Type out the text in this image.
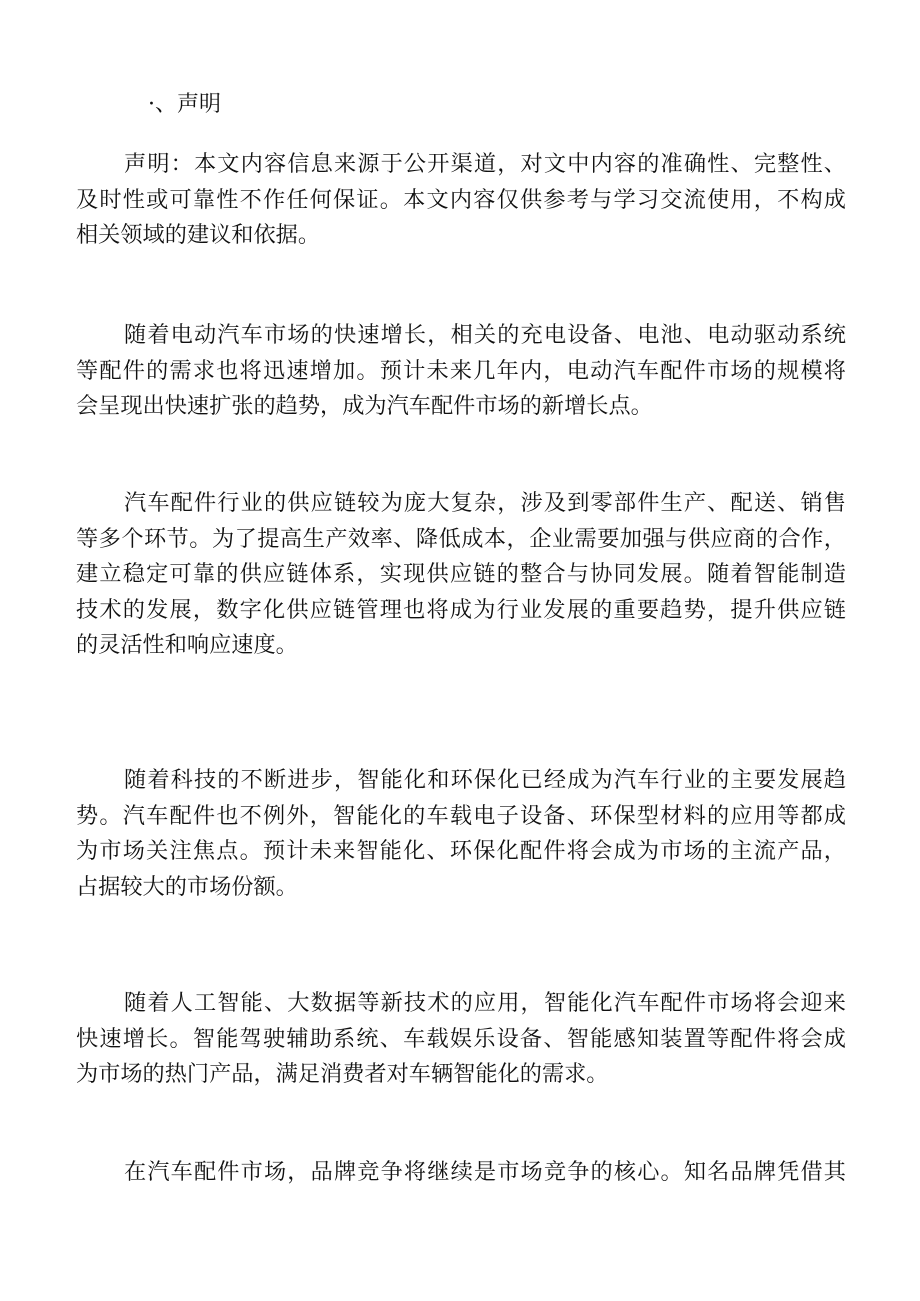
·、声明
声明：本文内容信息来源于公开渠道，对文中内容的准确性、完整性、
及时性或可靠性不作任何保证。本文内容仅供参考与学习交流使用，不构成
相关领域的建议和依据。
随着电动汽车市场的快速增长，相关的充电设备、电池、电动驱动系统
等配件的需求也将迅速增加。预计未来几年内，电动汽车配件市场的规模将
会呈现出快速扩张的趋势，成为汽车配件市场的新增长点。
汽车配件行业的供应链较为庞大复杂，涉及到零部件生产、配送、销售
等多个环节。为了提高生产效率、降低成本，企业需要加强与供应商的合作，
建立稳定可靠的供应链体系，实现供应链的整合与协同发展。随着智能制造
技术的发展，数字化供应链管理也将成为行业发展的重要趋势，提升供应链
的灵活性和响应速度。
随着科技的不断进步，智能化和环保化已经成为汽车行业的主要发展趋
势。汽车配件也不例外，智能化的车载电子设备、环保型材料的应用等都成
为市场关注焦点。预计未来智能化、环保化配件将会成为市场的主流产品，
占据较大的市场份额。
随着人工智能、大数据等新技术的应用，智能化汽车配件市场将会迎来
快速增长。智能驾驶辅助系统、车载娱乐设备、智能感知装置等配件将会成
为市场的热门产品，满足消费者对车辆智能化的需求。
在汽车配件市场，品牌竞争将继续是市场竞争的核心。知名品牌凭借其
